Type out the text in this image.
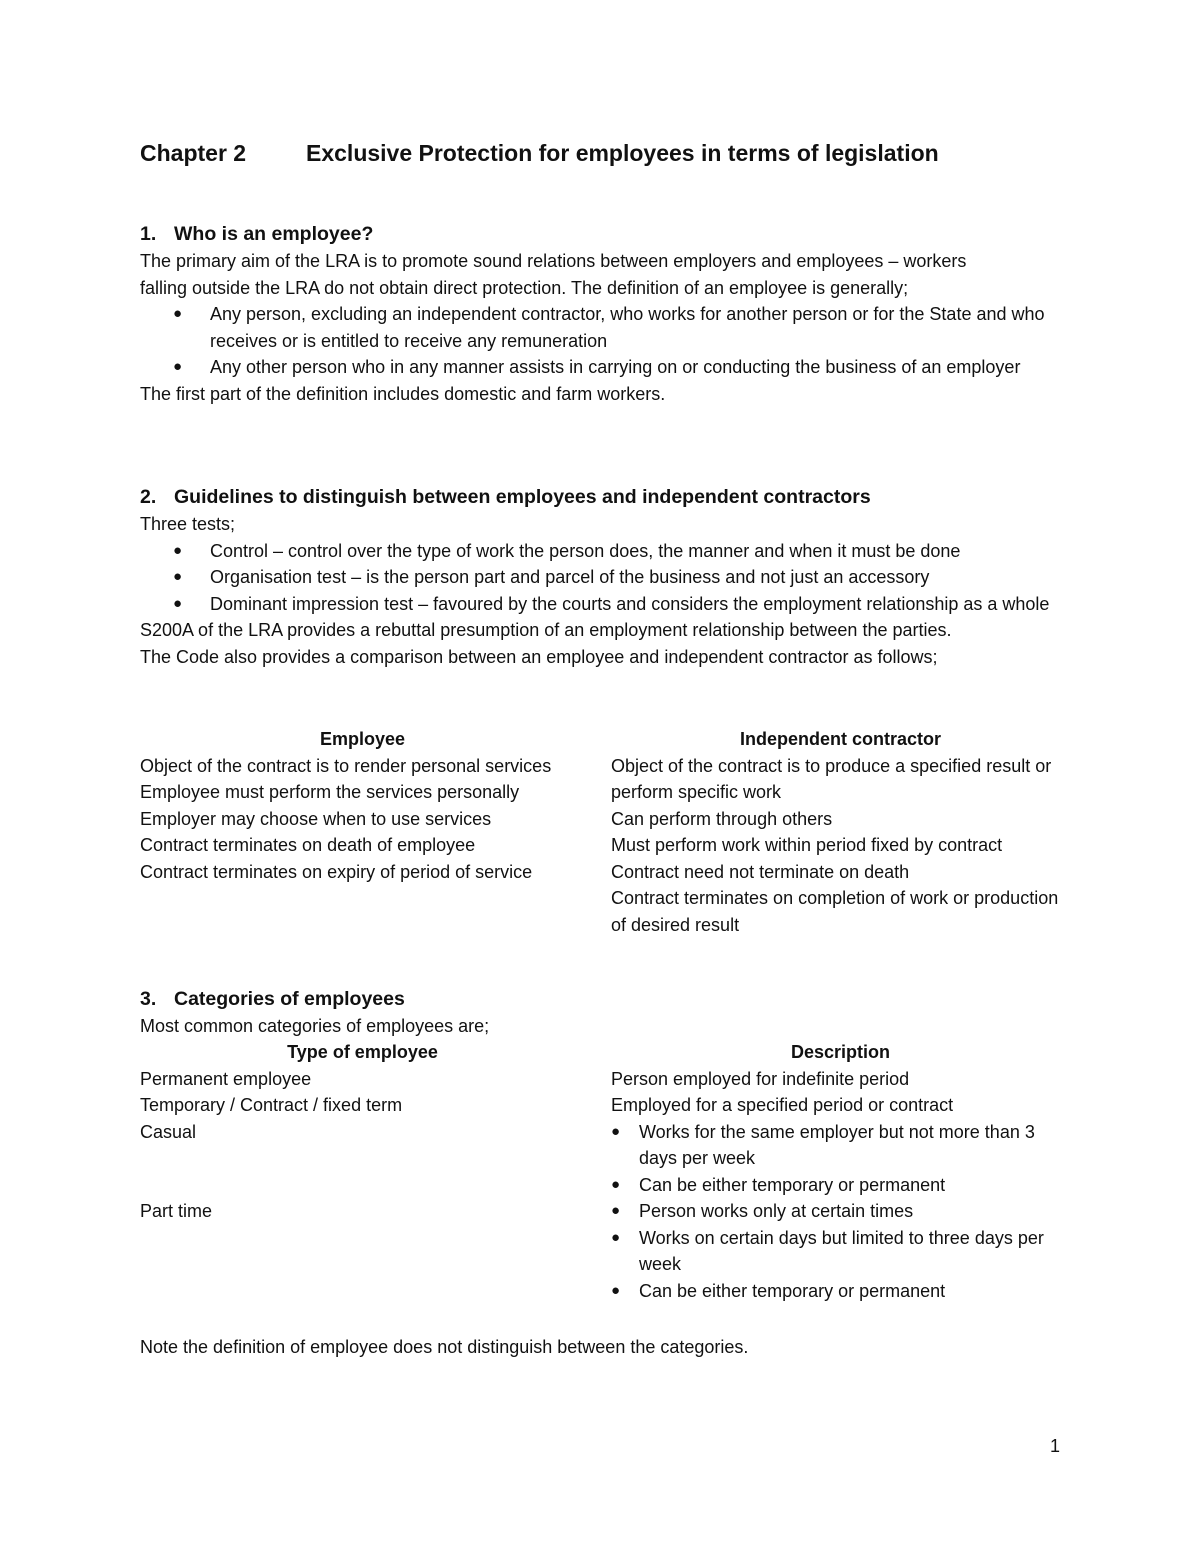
Chapter 2	Exclusive Protection for employees in terms of legislation
1. Who is an employee?
The primary aim of the LRA is to promote sound relations between employers and employees – workers
falling outside the LRA do not obtain direct protection. The definition of an employee is generally;
● Any person, excluding an independent contractor, who works for another person or for the State and who receives or is entitled to receive any remuneration
● Any other person who in any manner assists in carrying on or conducting the business of an employer
The first part of the definition includes domestic and farm workers.
2. Guidelines to distinguish between employees and independent contractors
Three tests;
● Control – control over the type of work the person does, the manner and when it must be done
● Organisation test – is the person part and parcel of the business and not just an accessory
● Dominant impression test – favoured by the courts and considers the employment relationship as a whole
S200A of the LRA provides a rebuttal presumption of an employment relationship between the parties.
The Code also provides a comparison between an employee and independent contractor as follows;
Employee
Object of the contract is to render personal services
Employee must perform the services personally
Employer may choose when to use services
Contract terminates on death of employee
Contract terminates on expiry of period of service
Independent contractor
Object of the contract is to produce a specified result or perform specific work
Can perform through others
Must perform work within period fixed by contract
Contract need not terminate on death
Contract terminates on completion of work or production of desired result
3. Categories of employees
Most common categories of employees are;
Type of employee
Permanent employee
Temporary / Contract / fixed term
Casual
Part time
Description
Person employed for indefinite period
Employed for a specified period or contract
● Works for the same employer but not more than 3 days per week
● Can be either temporary or permanent
● Person works only at certain times
● Works on certain days but limited to three days per week
● Can be either temporary or permanent
Note the definition of employee does not distinguish between the categories.
1
